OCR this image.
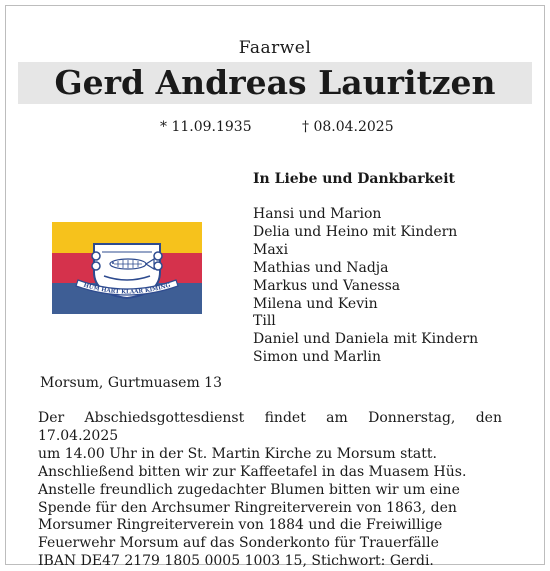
Faarwel
Gerd Andreas Lauritzen
* 11.09.1935	† 08.04.2025
In Liebe und Dankbarkeit
Hansi und Marion
Delia und Heino mit Kindern
Maxi
Mathias und Nadja
Markus und Vanessa
Milena und Kevin
Till
Daniel und Daniela mit Kindern
Simon und Marlin
HUM HART KLAAR KIMING
Morsum, Gurtmuasem 13
Der Abschiedsgottesdienst findet am Donnerstag, den 17.04.2025
um 14.00 Uhr in der St. Martin Kirche zu Morsum statt.
Anschließend bitten wir zur Kaffeetafel in das Muasem Hüs.
Anstelle freundlich zugedachter Blumen bitten wir um eine
Spende für den Archsumer Ringreiterverein von 1863, den
Morsumer Ringreiterverein von 1884 und die Freiwillige
Feuerwehr Morsum auf das Sonderkonto für Trauerfälle
IBAN DE47 2179 1805 0005 1003 15, Stichwort: Gerdi.
